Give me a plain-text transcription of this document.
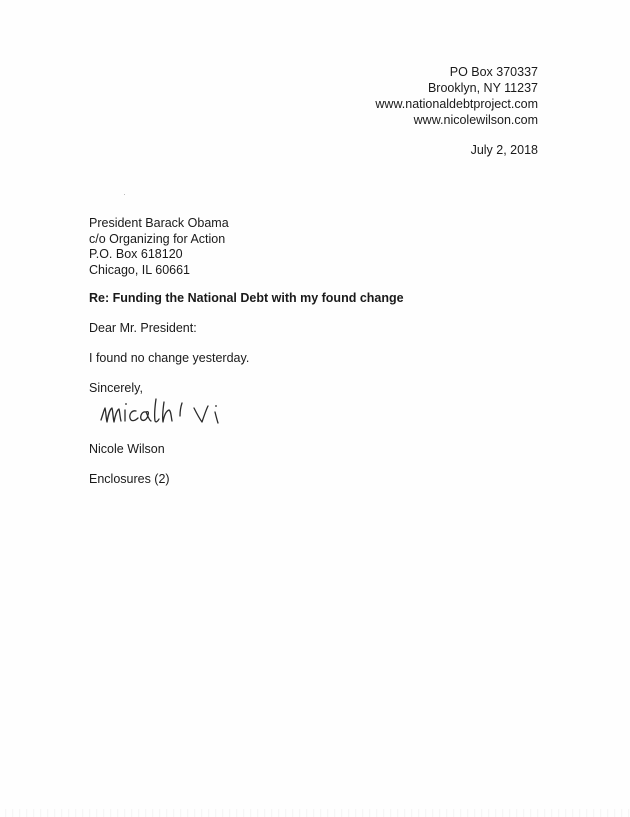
PO Box 370337
Brooklyn, NY 11237
www.nationaldebtproject.com
www.nicolewilson.com
July 2, 2018
President Barack Obama
c/o Organizing for Action
P.O. Box 618120
Chicago, IL 60661
Re: Funding the National Debt with my found change
Dear Mr. President:
I found no change yesterday.
Sincerely,
Nicole Wilson
Enclosures (2)
